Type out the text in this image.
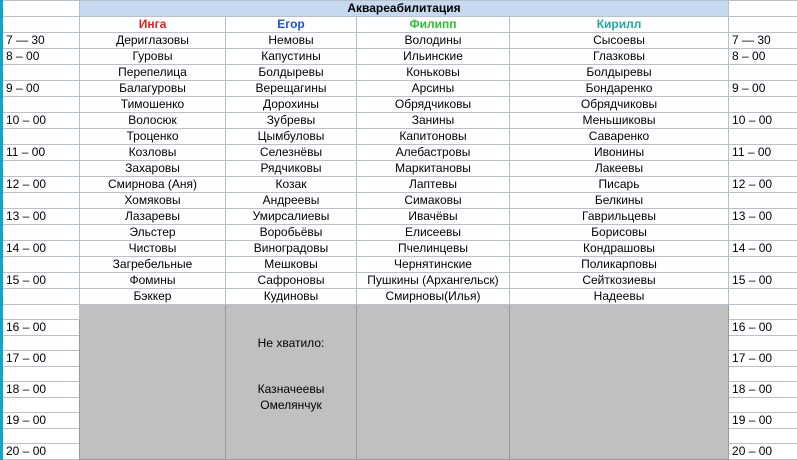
	Аквареабилитация				
	Инга	Егор	Филипп	Кирилл	
7 — 30	Дериглазовы	Немовы	Володины	Сысоевы	7 — 30
8 – 00	Гуровы	Капустины	Ильинские	Глазковы	8 – 00
	Перепелица	Болдыревы	Коньковы	Болдыревы	
9 – 00	Балагуровы	Верещагины	Арсины	Бондаренко	9 – 00
	Тимошенко	Дорохины	Обрядчиковы	Обрядчиковы	
10 – 00	Волосюк	Зубревы	Занины	Меньшиковы	10 – 00
	Троценко	Цымбуловы	Капитоновы	Саваренко	
11 – 00	Козловы	Селезнёвы	Алебастровы	Ивонины	11 – 00
	Захаровы	Рядчиковы	Маркитановы	Лакеевы	
12 – 00	Смирнова (Аня)	Козак	Лаптевы	Писарь	12 – 00
	Хомяковы	Андреевы	Симаковы	Белкины	
13 – 00	Лазаревы	Умирсалиевы	Ивачёвы	Гаврильцевы	13 – 00
	Эльстер	Воробьёвы	Елисеевы	Борисовы	
14 – 00	Чистовы	Виноградовы	Пчелинцевы	Кондрашовы	14 – 00
	Загребельные	Мешковы	Чернятинские	Поликарповы	
15 – 00	Фомины	Сафроновы	Пушкины (Архангельск)	Сейткозиевы	15 – 00
	Бэккер	Кудиновы	Смирновы(Илья)	Надеевы	

		Не хватило:
Казначеевы
Омелянчук			

16 – 00					16 – 00

17 – 00					17 – 00

18 – 00					18 – 00

19 – 00					19 – 00

20 – 00					20 – 00
